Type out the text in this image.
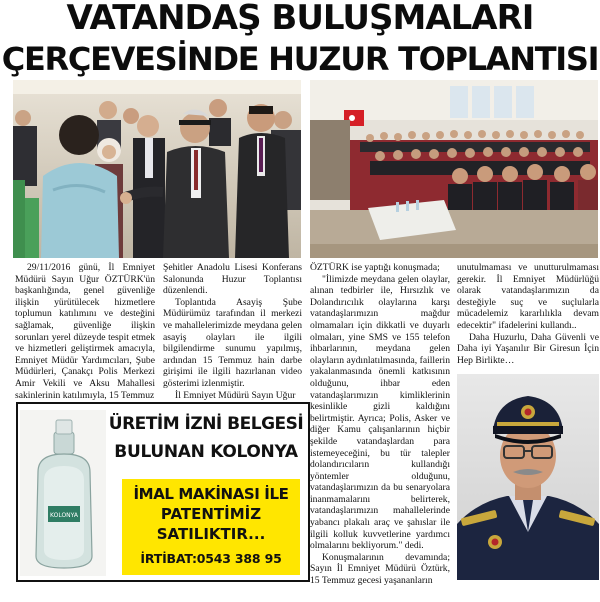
VATANDAŞ BULUŞMALARI
ÇERÇEVESİNDE HUZUR TOPLANTISI

29/11/2016 günü, İl Emniyet Müdürü Sayın Uğur ÖZTÜRK'ün başkanlığında, genel güvenliğe ilişkin yürütülecek hizmetlere toplumun katılımını ve desteğini sağlamak, güvenliğe ilişkin sorunları yerel düzeyde tespit etmek ve hizmetleri geliştirmek amacıyla, Emniyet Müdür Yardımcıları, Şube Müdürleri, Çanakçı Polis Merkezi Amir Vekili ve Aksu Mahallesi sakinlerinin katılımıyla, 15 Temmuz

Şehitler Anadolu Lisesi Konferans Salonunda Huzur Toplantısı düzenlendi.

Toplantıda Asayiş Şube Müdürümüz tarafından il merkezi ve mahallelerimizde meydana gelen asayiş olayları ile ilgili bilgilendirme sunumu yapılmış, ardından 15 Temmuz hain darbe girişimi ile ilgili hazırlanan video gösterimi izlenmiştir.

İl Emniyet Müdürü Sayın Uğur

ÖZTÜRK ise yaptığı konuşmada;

"İlimizde meydana gelen olaylar, alınan tedbirler ile, Hırsızlık ve Dolandırıcılık olaylarına karşı vatandaşlarımızın mağdur olmamaları için dikkatli ve duyarlı olmaları, yine SMS ve 155 telefon ihbarlarının, meydana gelen olayların aydınlatılmasında, faillerin yakalanmasında önemli katkısının olduğunu, ihbar eden vatandaşlarımızın kimliklerinin kesinlikle gizli kaldığını belirtmiştir. Ayrıca; Polis, Asker ve diğer Kamu çalışanlarının hiçbir şekilde vatandaşlardan para istemeyeceğini, bu tür talepler dolandırıcıların kullandığı yöntemler olduğunu, vatandaşlarımızın da bu senaryolara inanmamalarını belirterek, vatandaşlarımızın mahallelerinde yabancı plakalı araç ve şahıslar ile ilgili kolluk kuvvetlerine yardımcı olmalarını bekliyorum." dedi.

Konuşmalarının devamında; Sayın İl Emniyet Müdürü Öztürk, 15 Temmuz gecesi yaşananların

unutulmaması ve unutturulmaması gerekir. İl Emniyet Müdürlüğü olarak vatandaşlarımızın da desteğiyle suç ve suçlularla mücadelemiz kararlılıkla devam edecektir" ifadelerini kullandı..

Daha Huzurlu, Daha Güvenli ve Daha iyi Yaşanılır Bir Giresun İçin Hep Birlikte…

KOLONYA
ÜRETİM İZNİ BELGESİ
BULUNAN KOLONYA
İMAL MAKİNASI İLE
PATENTİMİZ
SATILIKTIR...
İRTİBAT:0543 388 95
